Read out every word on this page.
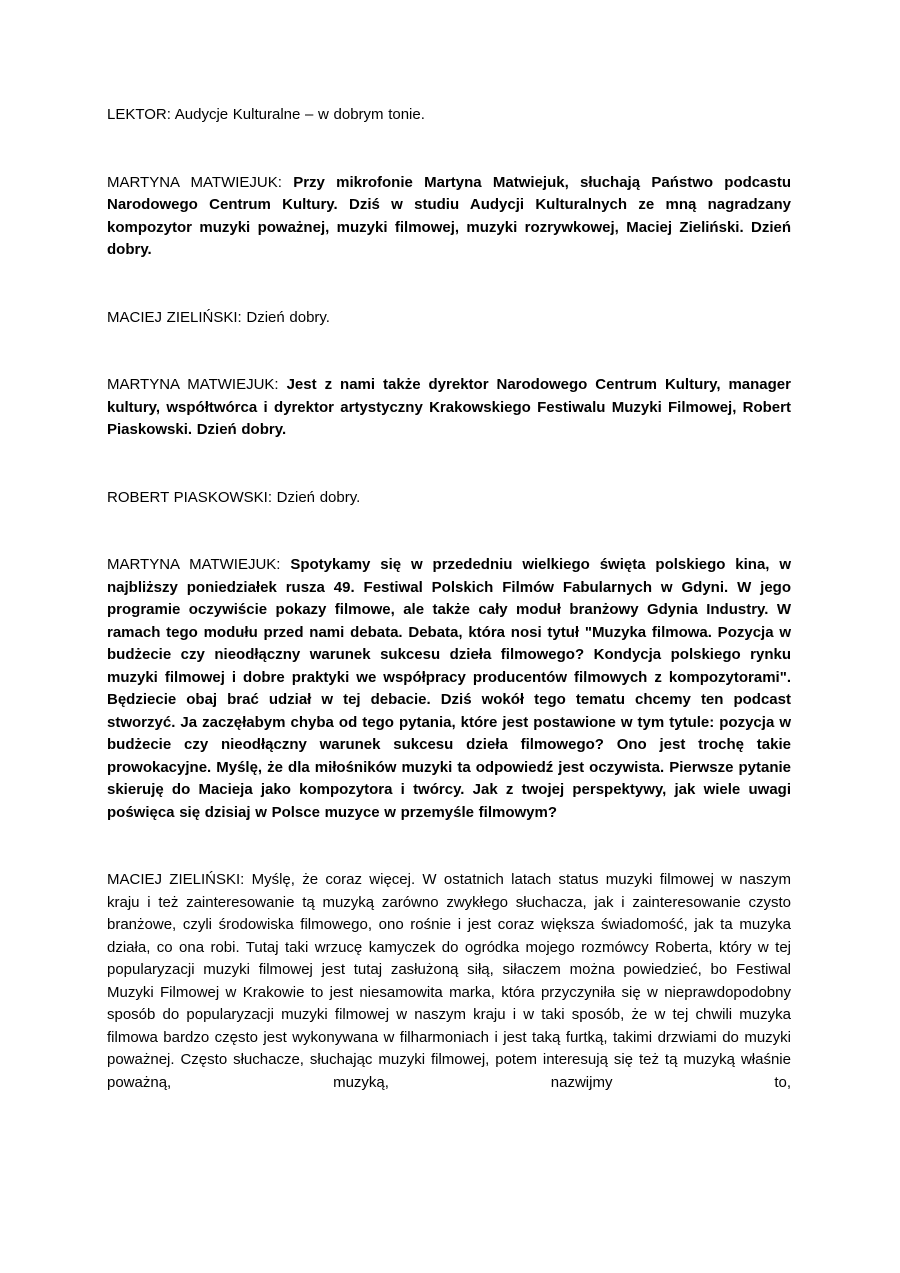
LEKTOR: Audycje Kulturalne – w dobrym tonie.

MARTYNA MATWIEJUK: Przy mikrofonie Martyna Matwiejuk, słuchają Państwo podcastu Narodowego Centrum Kultury. Dziś w studiu Audycji Kulturalnych ze mną nagradzany kompozytor muzyki poważnej, muzyki filmowej, muzyki rozrywkowej, Maciej Zieliński. Dzień dobry.

MACIEJ ZIELIŃSKI: Dzień dobry.

MARTYNA MATWIEJUK: Jest z nami także dyrektor Narodowego Centrum Kultury, manager kultury, współtwórca i dyrektor artystyczny Krakowskiego Festiwalu Muzyki Filmowej, Robert Piaskowski. Dzień dobry.

ROBERT PIASKOWSKI: Dzień dobry.

MARTYNA MATWIEJUK: Spotykamy się w przededniu wielkiego święta polskiego kina, w najbliższy poniedziałek rusza 49. Festiwal Polskich Filmów Fabularnych w Gdyni. W jego programie oczywiście pokazy filmowe, ale także cały moduł branżowy Gdynia Industry. W ramach tego modułu przed nami debata. Debata, która nosi tytuł "Muzyka filmowa. Pozycja w budżecie czy nieodłączny warunek sukcesu dzieła filmowego? Kondycja polskiego rynku muzyki filmowej i dobre praktyki we współpracy producentów filmowych z kompozytorami". Będziecie obaj brać udział w tej debacie. Dziś wokół tego tematu chcemy ten podcast stworzyć. Ja zaczęłabym chyba od tego pytania, które jest postawione w tym tytule: pozycja w budżecie czy nieodłączny warunek sukcesu dzieła filmowego? Ono jest trochę takie prowokacyjne. Myślę, że dla miłośników muzyki ta odpowiedź jest oczywista. Pierwsze pytanie skieruję do Macieja jako kompozytora i twórcy. Jak z twojej perspektywy, jak wiele uwagi poświęca się dzisiaj w Polsce muzyce w przemyśle filmowym?

MACIEJ ZIELIŃSKI: Myślę, że coraz więcej. W ostatnich latach status muzyki filmowej w naszym kraju i też zainteresowanie tą muzyką zarówno zwykłego słuchacza, jak i zainteresowanie czysto branżowe, czyli środowiska filmowego, ono rośnie i jest coraz większa świadomość, jak ta muzyka działa, co ona robi. Tutaj taki wrzucę kamyczek do ogródka mojego rozmówcy Roberta, który w tej popularyzacji muzyki filmowej jest tutaj zasłużoną siłą, siłaczem można powiedzieć, bo Festiwal Muzyki Filmowej w Krakowie to jest niesamowita marka, która przyczyniła się w nieprawdopodobny sposób do popularyzacji muzyki filmowej w naszym kraju i w taki sposób, że w tej chwili muzyka filmowa bardzo często jest wykonywana w filharmoniach i jest taką furtką, takimi drzwiami do muzyki poważnej. Często słuchacze, słuchając muzyki filmowej, potem interesują się też tą muzyką właśnie poważną, muzyką, nazwijmy to,
